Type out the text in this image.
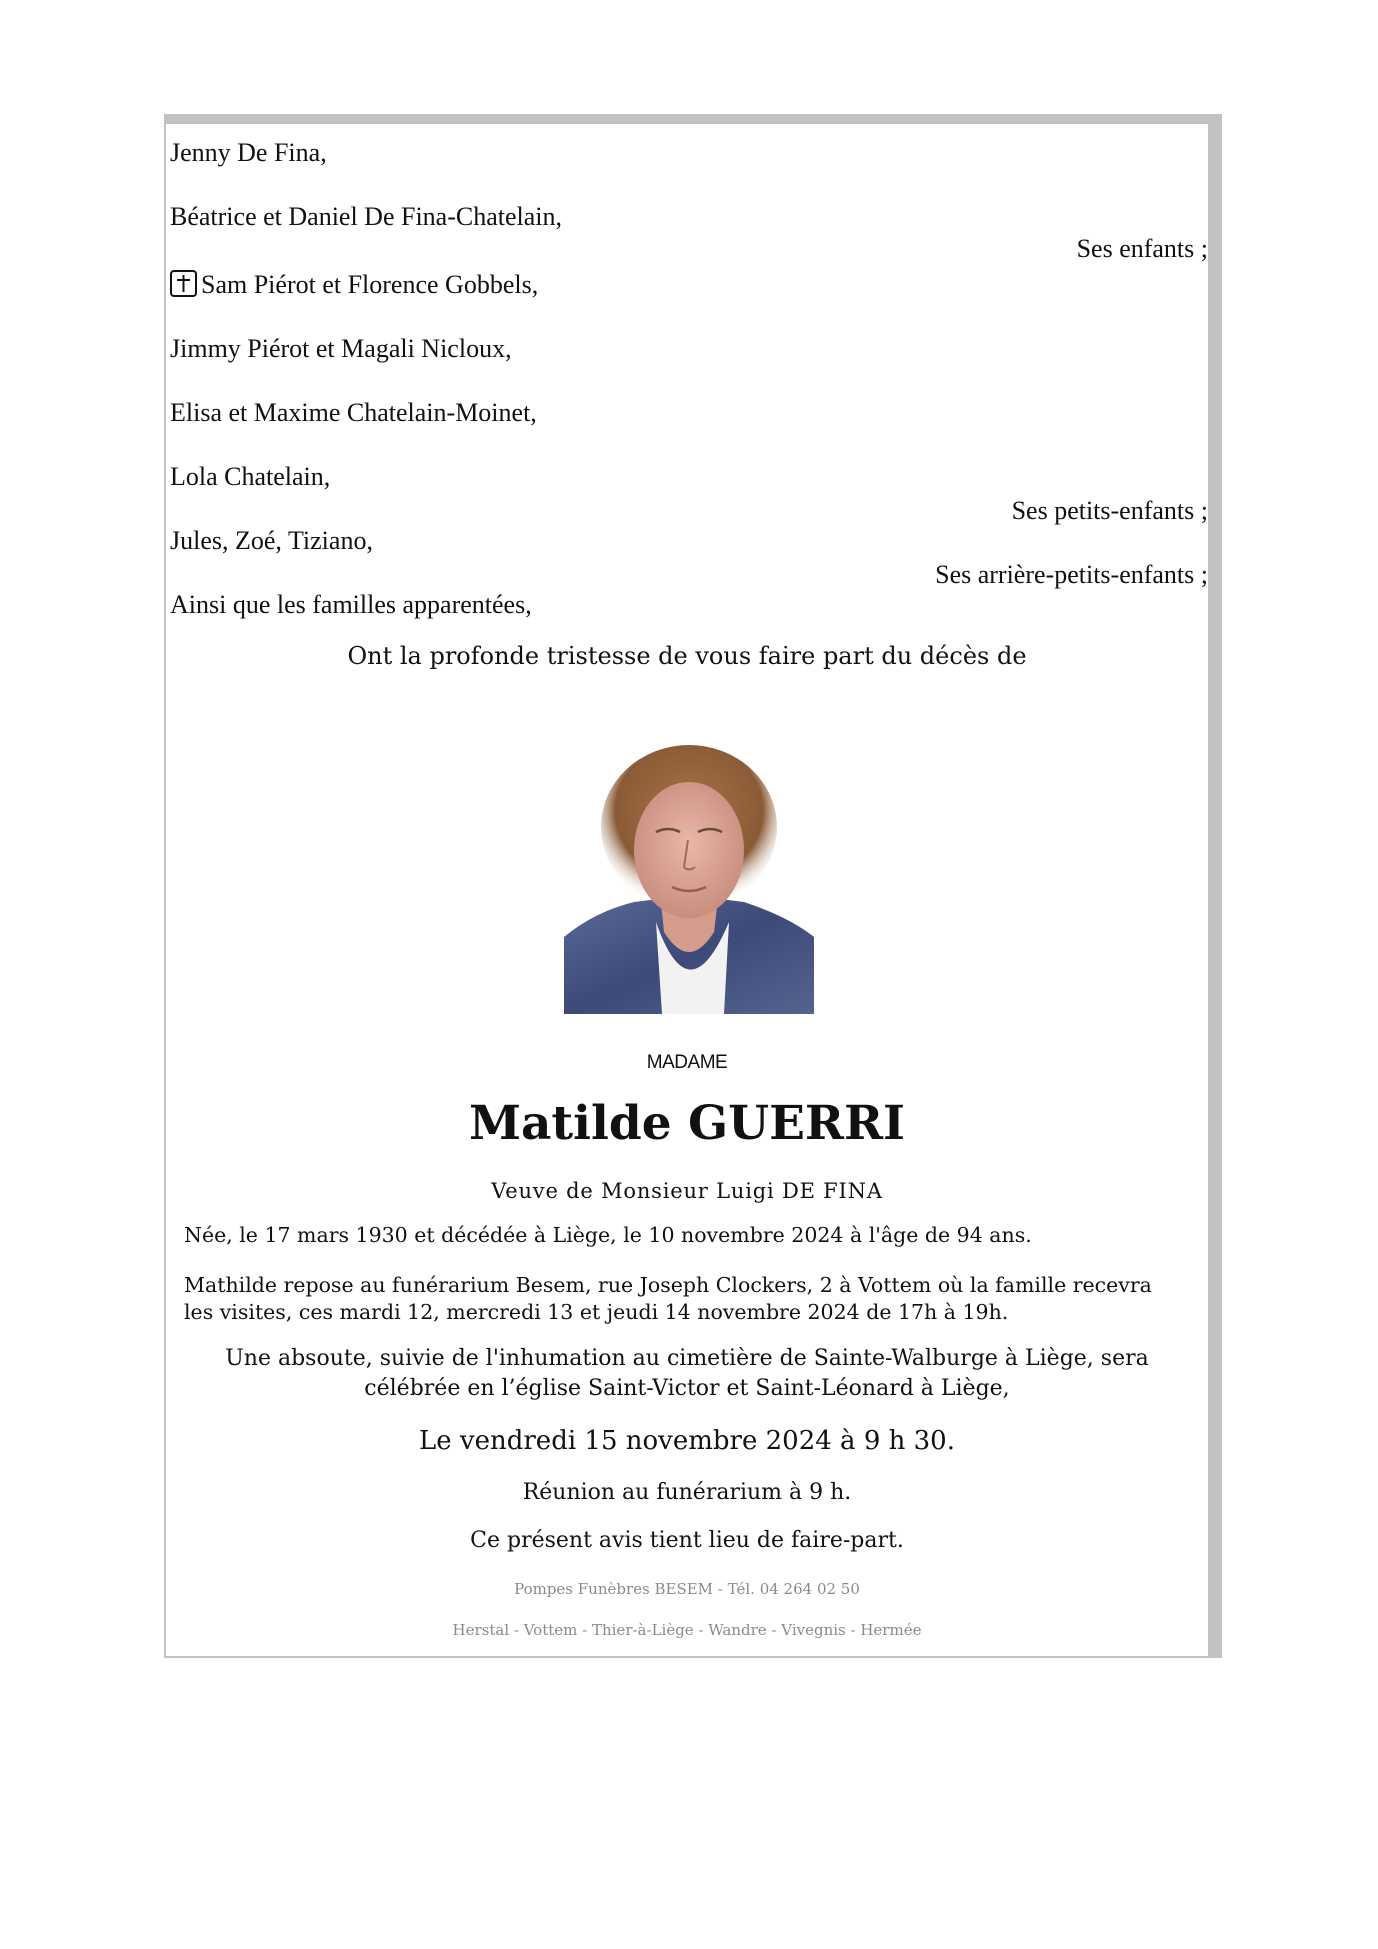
Jenny De Fina,
Béatrice et Daniel De Fina-Chatelain,
Ses enfants ;
Sam Piérot et Florence Gobbels,
Jimmy Piérot et Magali Nicloux,
Elisa et Maxime Chatelain-Moinet,
Lola Chatelain,
Ses petits-enfants ;
Jules, Zoé, Tiziano,
Ses arrière-petits-enfants ;
Ainsi que les familles apparentées,
Ont la profonde tristesse de vous faire part du décès de
MADAME
Matilde GUERRI
Veuve de Monsieur Luigi DE FINA
Née, le 17 mars 1930 et décédée à Liège, le 10 novembre 2024 à l'âge de 94 ans.
Mathilde repose au funérarium Besem, rue Joseph Clockers, 2 à Vottem où la famille recevra
les visites, ces mardi 12, mercredi 13 et jeudi 14 novembre 2024 de 17h à 19h.
Une absoute, suivie de l'inhumation au cimetière de Sainte-Walburge à Liège, sera
célébrée en l’église Saint-Victor et Saint-Léonard à Liège,
Le vendredi 15 novembre 2024 à 9 h 30.
Réunion au funérarium à 9 h.
Ce présent avis tient lieu de faire-part.
Pompes Funèbres BESEM - Tél. 04 264 02 50
Herstal - Vottem - Thier-à-Liège - Wandre - Vivegnis - Hermée
